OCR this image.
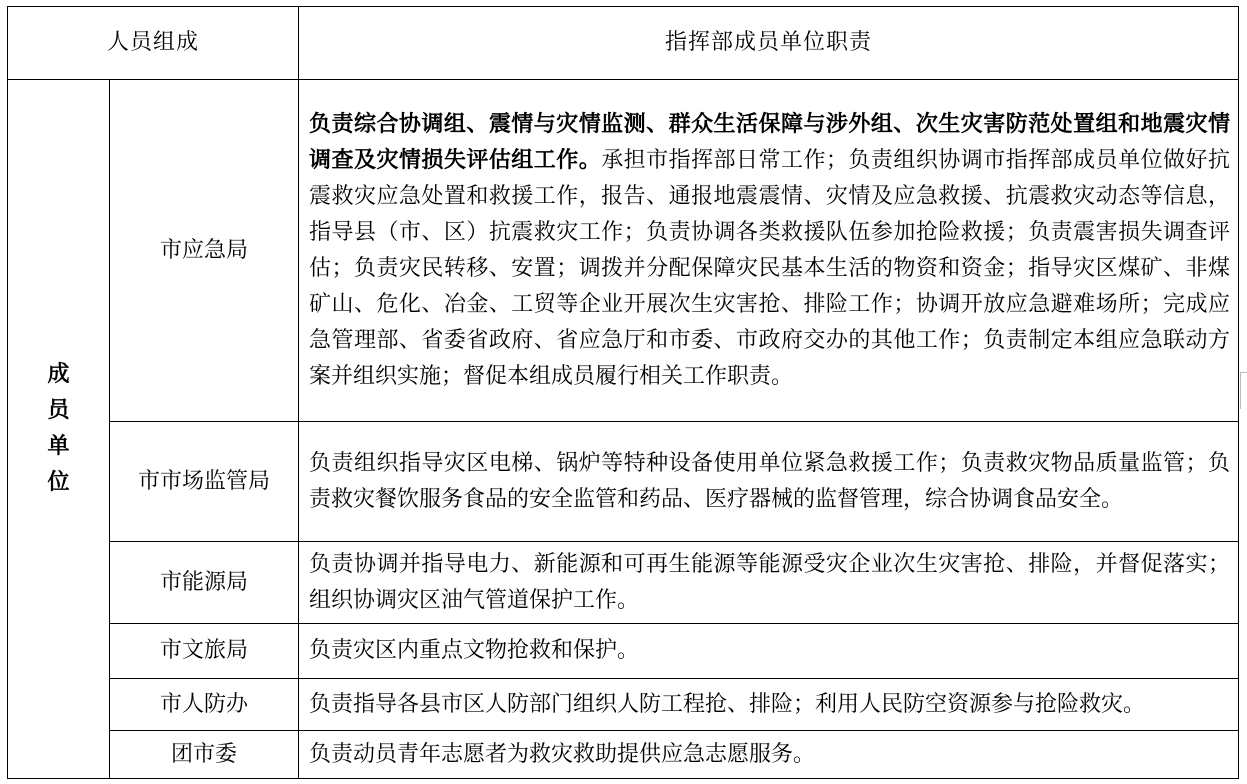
人员组成		指挥部成员单位职责
成员单位	市应急局	负责综合协调组、震情与灾情监测、群众生活保障与涉外组、次生灾害防范处置组和地震灾情调查及灾情损失评估组工作。承担市指挥部日常工作；负责组织协调市指挥部成员单位做好抗震救灾应急处置和救援工作，报告、通报地震震情、灾情及应急救援、抗震救灾动态等信息，指导县（市、区）抗震救灾工作；负责协调各类救援队伍参加抢险救援；负责震害损失调查评估；负责灾民转移、安置；调拨并分配保障灾民基本生活的物资和资金；指导灾区煤矿、非煤矿山、危化、冶金、工贸等企业开展次生灾害抢、排险工作；协调开放应急避难场所；完成应急管理部、省委省政府、省应急厅和市委、市政府交办的其他工作；负责制定本组应急联动方案并组织实施；督促本组成员履行相关工作职责。
	市市场监管局	负责组织指导灾区电梯、锅炉等特种设备使用单位紧急救援工作；负责救灾物品质量监管；负责救灾餐饮服务食品的安全监管和药品、医疗器械的监督管理，综合协调食品安全。
	市能源局	负责协调并指导电力、新能源和可再生能源等能源受灾企业次生灾害抢、排险，并督促落实；组织协调灾区油气管道保护工作。
	市文旅局	负责灾区内重点文物抢救和保护。
	市人防办	负责指导各县市区人防部门组织人防工程抢、排险；利用人民防空资源参与抢险救灾。
	团市委	负责动员青年志愿者为救灾救助提供应急志愿服务。
